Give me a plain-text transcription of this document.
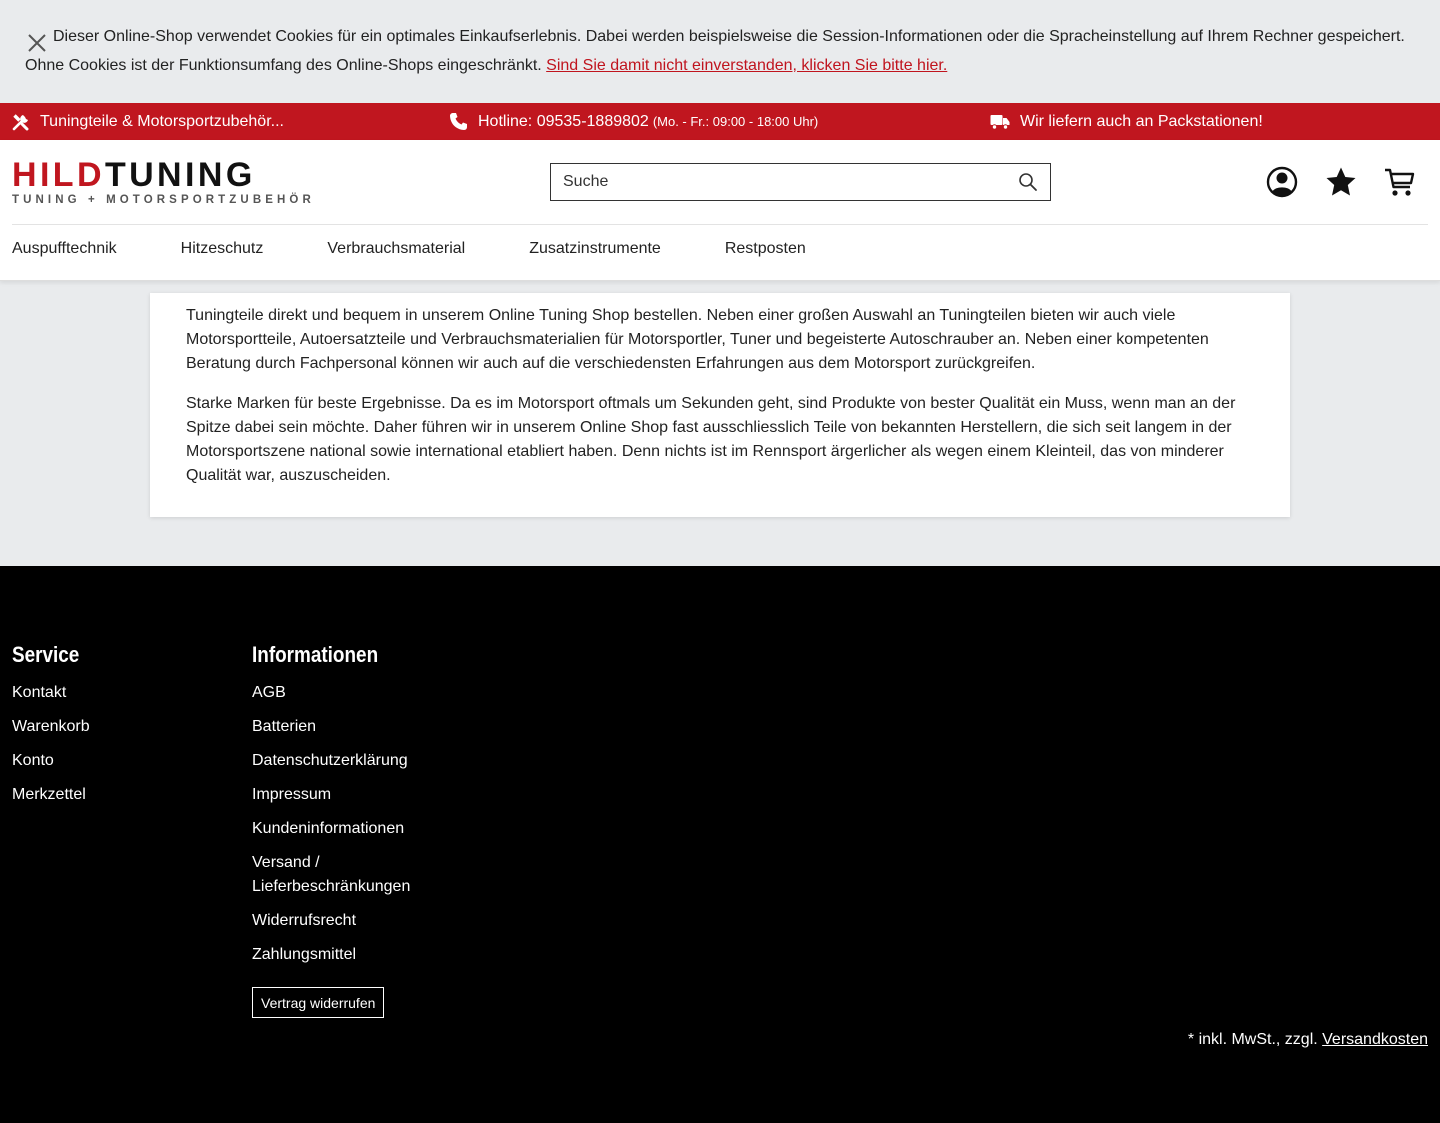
Dieser Online-Shop verwendet Cookies für ein optimales Einkaufserlebnis. Dabei werden beispielsweise die Session-Informationen oder die Spracheinstellung auf Ihrem Rechner gespeichert. Ohne Cookies ist der Funktionsumfang des Online-Shops eingeschränkt. Sind Sie damit nicht einverstanden, klicken Sie bitte hier.
Tuningteile & Motorsportzubehör...	Hotline: 09535-1889802 (Mo. - Fr.: 09:00 - 18:00 Uhr)	Wir liefern auch an Packstationen!
HILDTUNING
TUNING + MOTORSPORTZUBEHÖR
Suche
Auspufftechnik	Hitzeschutz	Verbrauchsmaterial	Zusatzinstrumente	Restposten

Tuningteile direkt und bequem in unserem Online Tuning Shop bestellen. Neben einer großen Auswahl an Tuningteilen bieten wir auch viele Motorsportteile, Autoersatzteile und Verbrauchsmaterialien für Motorsportler, Tuner und begeisterte Autoschrauber an. Neben einer kompetenten Beratung durch Fachpersonal können wir auch auf die verschiedensten Erfahrungen aus dem Motorsport zurückgreifen.

Starke Marken für beste Ergebnisse. Da es im Motorsport oftmals um Sekunden geht, sind Produkte von bester Qualität ein Muss, wenn man an der Spitze dabei sein möchte. Daher führen wir in unserem Online Shop fast ausschliesslich Teile von bekannten Herstellern, die sich seit langem in der Motorsportszene national sowie international etabliert haben. Denn nichts ist im Rennsport ärgerlicher als wegen einem Kleinteil, das von minderer Qualität war, auszuscheiden.

Service
Kontakt
Warenkorb
Konto
Merkzettel
Informationen
AGB
Batterien
Datenschutzerklärung
Impressum
Kundeninformationen
Versand / Lieferbeschränkungen
Widerrufsrecht
Zahlungsmittel
Vertrag widerrufen
* inkl. MwSt., zzgl. Versandkosten
